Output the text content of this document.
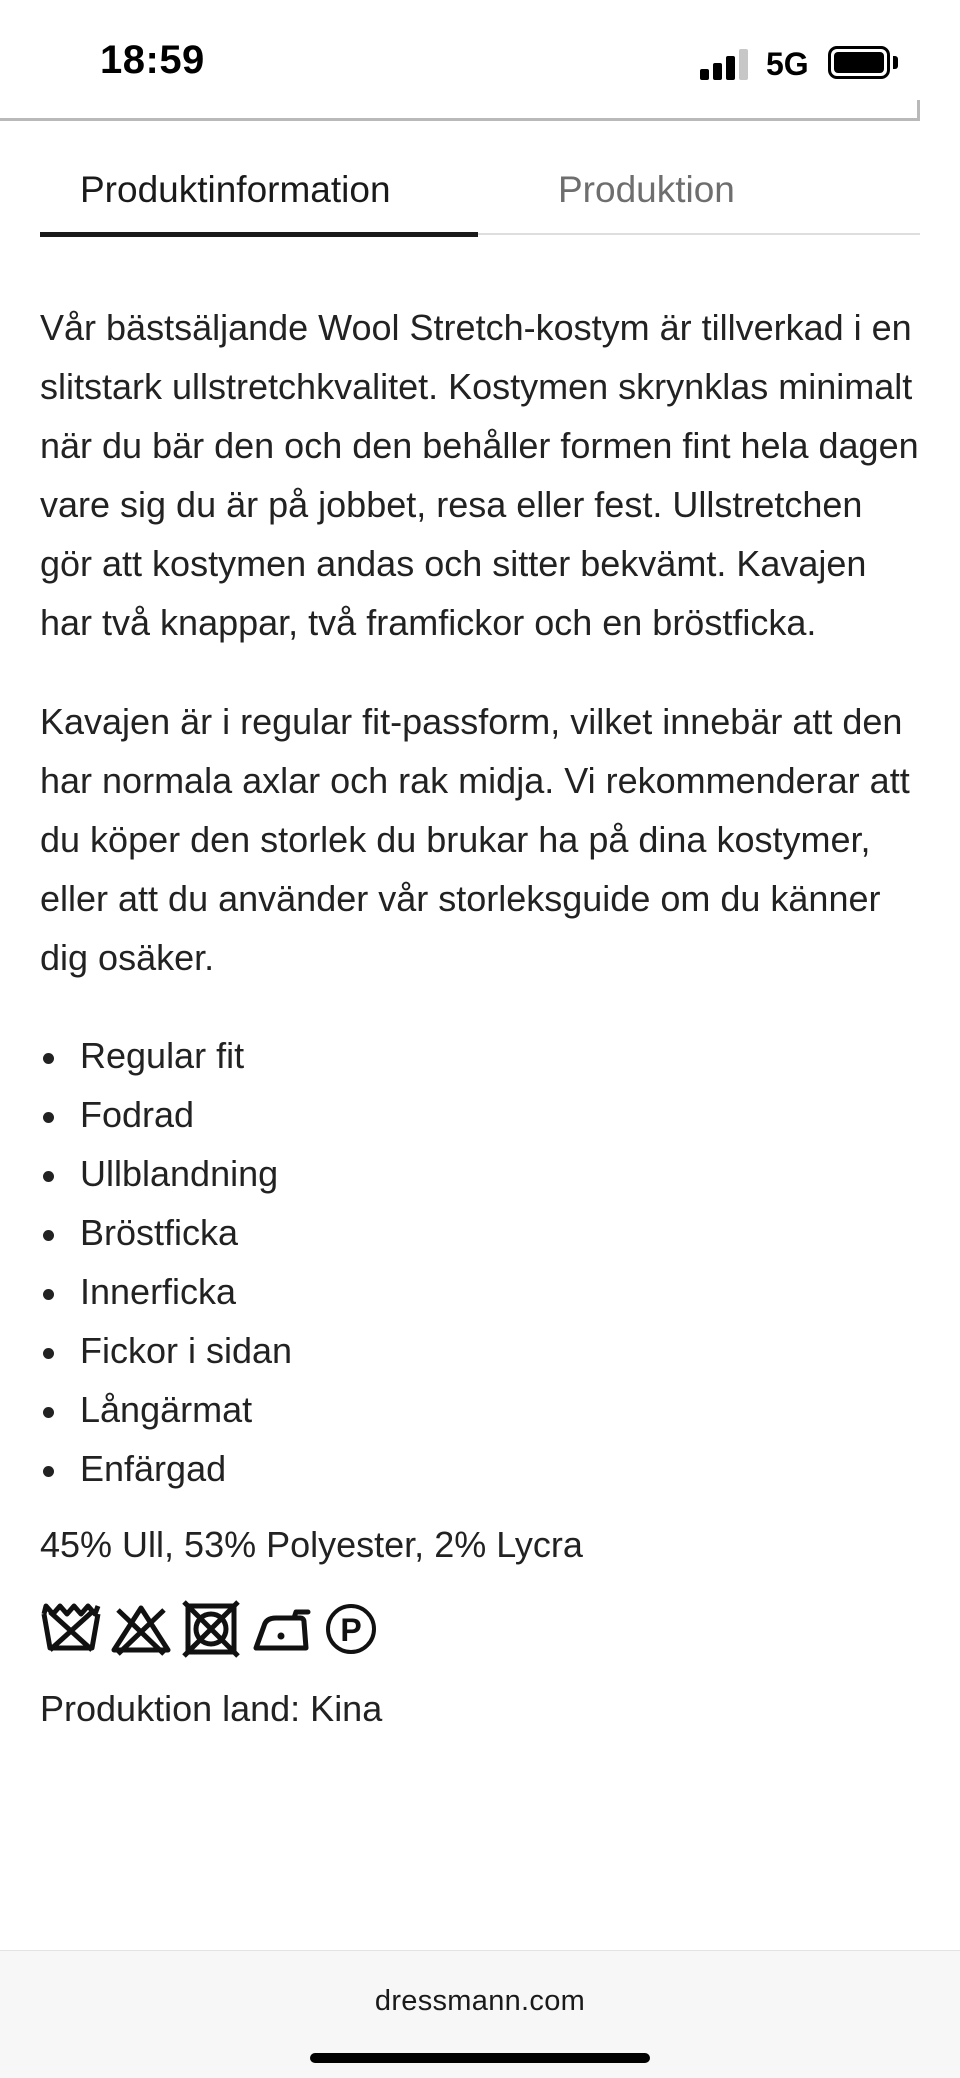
18:59	5G
Produktinformation	Produktion

Vår bästsäljande Wool Stretch-kostym är tillverkad i en slitstark ullstretchkvalitet. Kostymen skrynklas minimalt när du bär den och den behåller formen fint hela dagen vare sig du är på jobbet, resa eller fest. Ullstretchen gör att kostymen andas och sitter bekvämt. Kavajen har två knappar, två framfickor och en bröstficka.

Kavajen är i regular fit-passform, vilket innebär att den har normala axlar och rak midja. Vi rekommenderar att du köper den storlek du brukar ha på dina kostymer, eller att du använder vår storleksguide om du känner dig osäker.

Regular fit
Fodrad
Ullblandning
Bröstficka
Innerficka
Fickor i sidan
Långärmat
Enfärgad

45% Ull, 53% Polyester, 2% Lycra

P

Produktion land: Kina

dressmann.com
